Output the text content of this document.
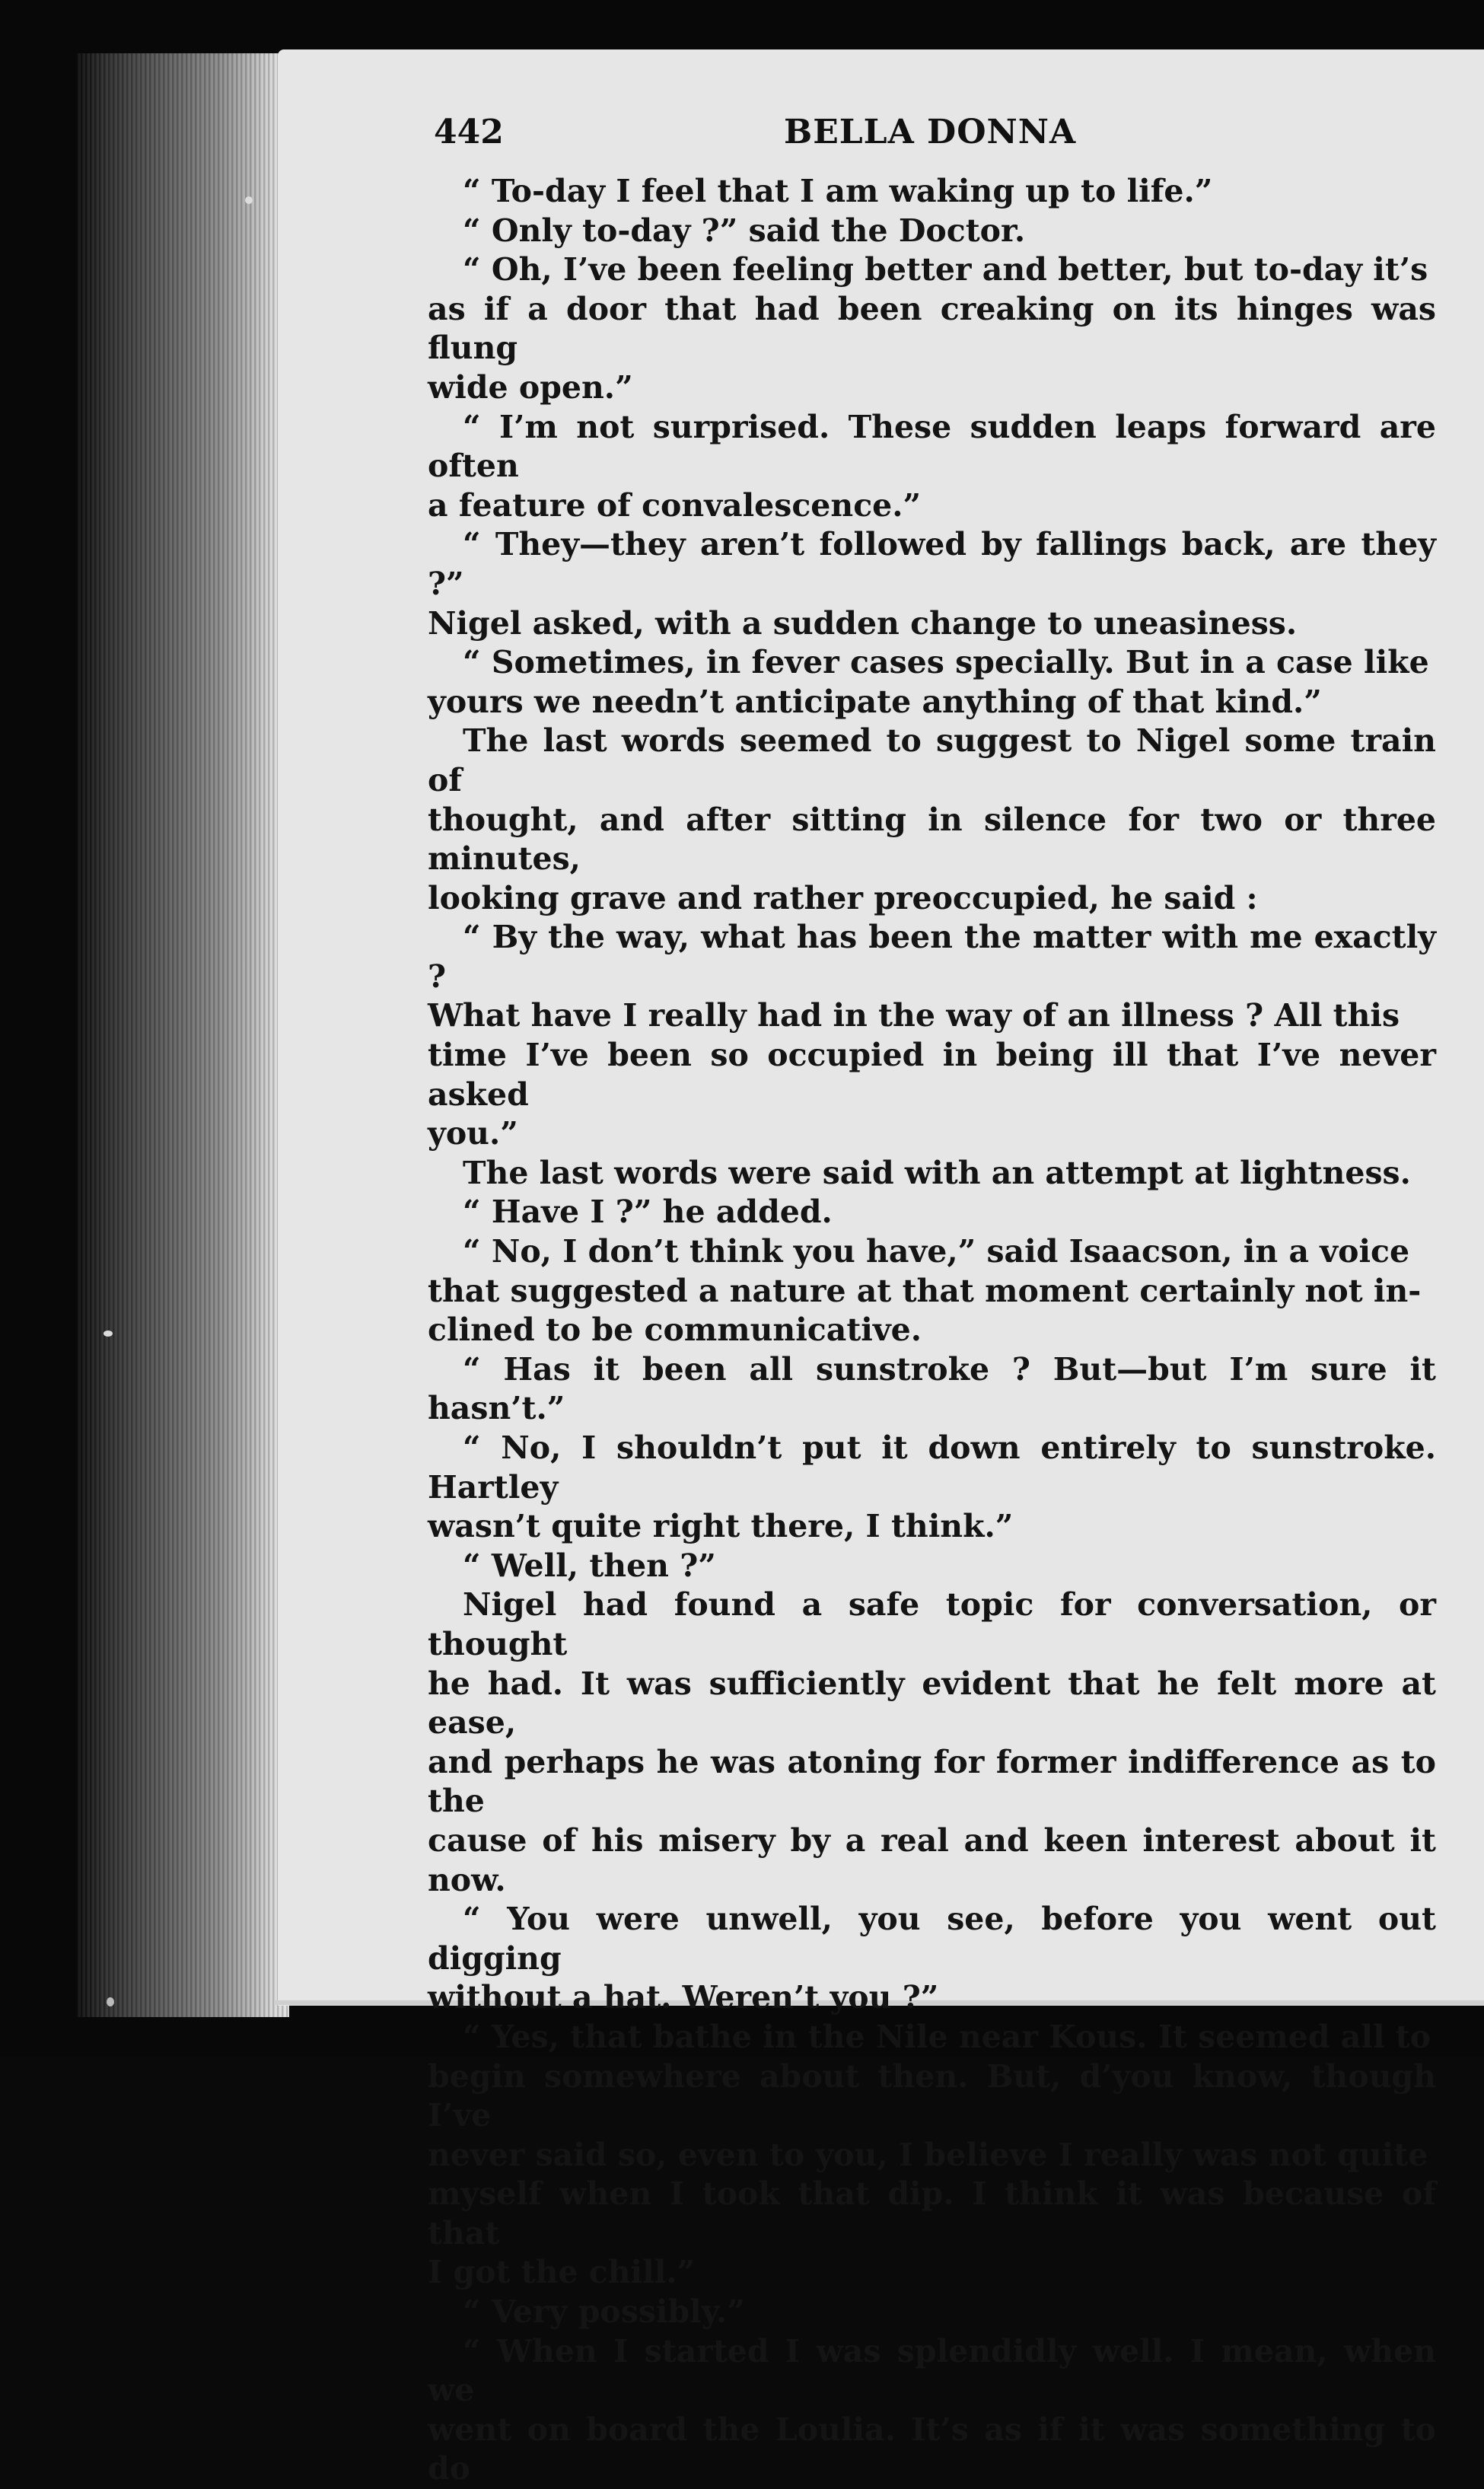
442	BELLA DONNA

“ To-day I feel that I am waking up to life.”

“ Only to-day ?” said the Doctor.

“ Oh, I’ve been feeling better and better, but to-day it’s
as if a door that had been creaking on its hinges was flung
wide open.”

“ I’m not surprised. These sudden leaps forward are often
a feature of convalescence.”

“ They—they aren’t followed by fallings back, are they ?”
Nigel asked, with a sudden change to uneasiness.

“ Sometimes, in fever cases specially. But in a case like
yours we needn’t anticipate anything of that kind.”

The last words seemed to suggest to Nigel some train of
thought, and after sitting in silence for two or three minutes,
looking grave and rather preoccupied, he said :

“ By the way, what has been the matter with me exactly ?
What have I really had in the way of an illness ? All this
time I’ve been so occupied in being ill that I’ve never asked
you.”

The last words were said with an attempt at lightness.

“ Have I ?” he added.

“ No, I don’t think you have,” said Isaacson, in a voice
that suggested a nature at that moment certainly not in-
clined to be communicative.

“ Has it been all sunstroke ? But—but I’m sure it hasn’t.”

“ No, I shouldn’t put it down entirely to sunstroke. Hartley
wasn’t quite right there, I think.”

“ Well, then ?”

Nigel had found a safe topic for conversation, or thought
he had. It was sufficiently evident that he felt more at ease,
and perhaps he was atoning for former indifference as to the
cause of his misery by a real and keen interest about it now.

“ You were unwell, you see, before you went out digging
without a hat. Weren’t you ?”

“ Yes, that bathe in the Nile near Kous. It seemed all to
begin somewhere about then. But, d’you know, though I’ve
never said so, even to you, I believe I really was not quite
myself when I took that dip. I think it was because of that
I got the chill.”

“ Very possibly.”

“ When I started I was splendidly well. I mean, when we
went on board the Loulia. It’s as if it was something to do
